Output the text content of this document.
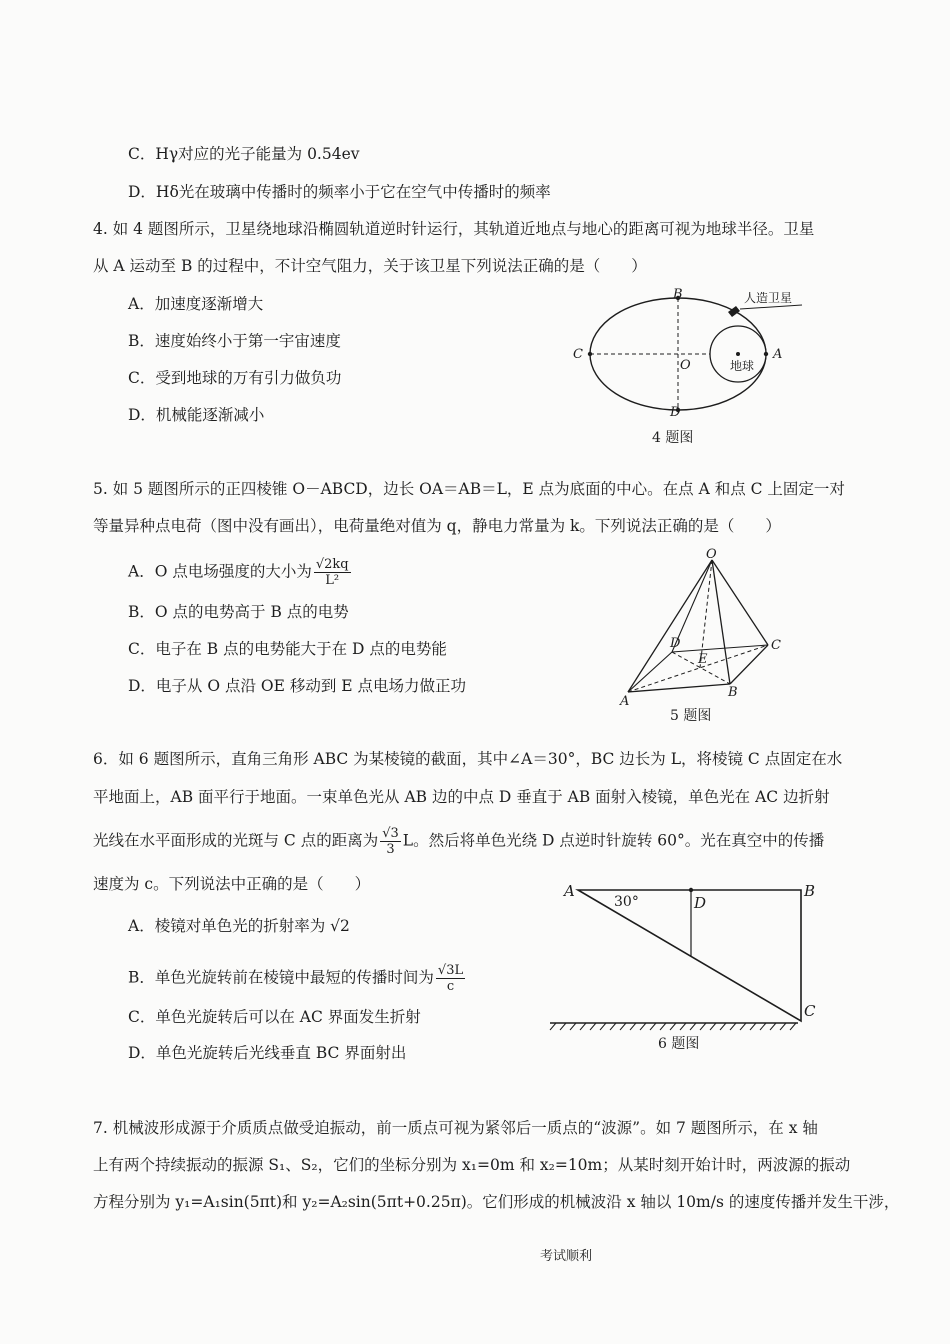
C．Hγ对应的光子能量为 0.54ev
D．Hδ光在玻璃中传播时的频率小于它在空气中传播时的频率
4. 如 4 题图所示，卫星绕地球沿椭圆轨道逆时针运行，其轨道近地点与地心的距离可视为地球半径。卫星
从 A 运动至 B 的过程中，不计空气阻力，关于该卫星下列说法正确的是（　　）
A．加速度逐渐增大
B．速度始终小于第一宇宙速度
C．受到地球的万有引力做负功
D．机械能逐渐减小
B
C
O
A
D
地球
人造卫星
4 题图
5. 如 5 题图所示的正四棱锥 O－ABCD，边长 OA＝AB＝L，E 点为底面的中心。在点 A 和点 C 上固定一对
等量异种点电荷（图中没有画出），电荷量绝对值为 q，静电力常量为 k。下列说法正确的是（　　）
A．O 点电场强度的大小为 $\frac{√2kq}{\text{L²}}$
B．O 点的电势高于 B 点的电势
C．电子在 B 点的电势能大于在 D 点的电势能
D．电子从 O 点沿 OE 移动到 E 点电场力做正功
O
D	C
E
A
B
5 题图
6．如 6 题图所示，直角三角形 ABC 为某棱镜的截面，其中∠A＝30°，BC 边长为 L，将棱镜 C 点固定在水
平地面上，AB 面平行于地面。一束单色光从 AB 边的中点 D 垂直于 AB 面射入棱镜，单色光在 AC 边折射
光线在水平面形成的光斑与 C 点的距离为 $\frac{√3}{3}$ L。然后将单色光绕 D 点逆时针旋转 60°。光在真空中的传播
速度为 c。下列说法中正确的是（　　）
A．棱镜对单色光的折射率为 √2
B．单色光旋转前在棱镜中最短的传播时间为 $\frac{√3L}{c}$
C．单色光旋转后可以在 AC 界面发生折射
D．单色光旋转后光线垂直 BC 界面射出
A	B
C
D
30°
6 题图
7. 机械波形成源于介质质点做受迫振动，前一质点可视为紧邻后一质点的“波源”。如 7 题图所示，在 x 轴
上有两个持续振动的振源 S₁、S₂，它们的坐标分别为 x₁=0m 和 x₂=10m；从某时刻开始计时，两波源的振动
方程分别为 y₁=A₁sin(5πt)和 y₂=A₂sin(5πt+0.25π)。它们形成的机械波沿 x 轴以 10m/s 的速度传播并发生干涉，
考试顺利
